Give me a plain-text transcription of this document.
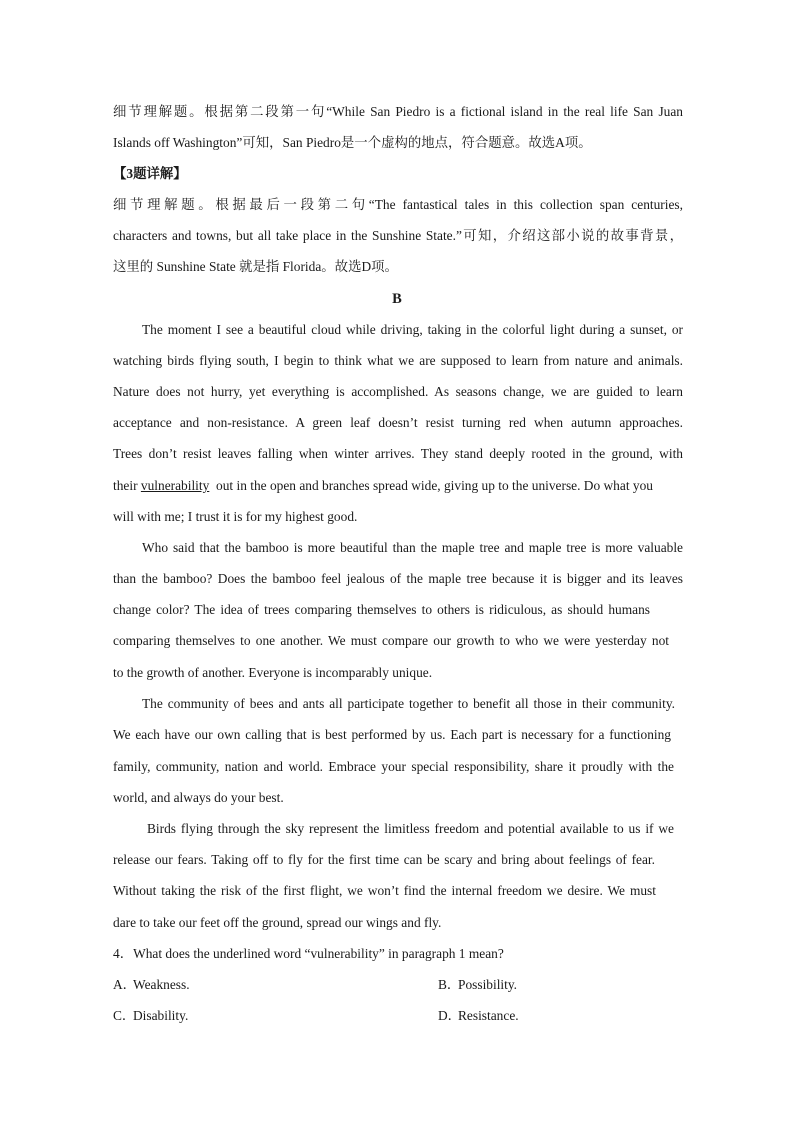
细节理解题。根据第二段第一句“While San Piedro is a fictional island in the real life San Juan
Islands off Washington”可知，San Piedro是一个虚构的地点，符合题意。故选A项。
【3题详解】
细节理解题。根据最后一段第二句“The fantastical tales in this collection span centuries,
characters and towns, but all take place in the Sunshine State.”可知，介绍这部小说的故事背景，
这里的 Sunshine State 就是指 Florida。故选D项。
B
The moment I see a beautiful cloud while driving, taking in the colorful light during a sunset, or
watching birds flying south, I begin to think what we are supposed to learn from nature and animals.
Nature does not hurry, yet everything is accomplished. As seasons change, we are guided to learn
acceptance and non-resistance. A green leaf doesn’t resist turning red when autumn approaches.
Trees don’t resist leaves falling when winter arrives. They stand deeply rooted in the ground, with
their vulnerability  out in the open and branches spread wide, giving up to the universe. Do what you
will with me; I trust it is for my highest good.
Who said that the bamboo is more beautiful than the maple tree and maple tree is more valuable
than the bamboo? Does the bamboo feel jealous of the maple tree because it is bigger and its leaves
change color? The idea of trees comparing themselves to others is ridiculous, as should humans
comparing themselves to one another. We must compare our growth to who we were yesterday not
to the growth of another. Everyone is incomparably unique.
The community of bees and ants all participate together to benefit all those in their community.
We each have our own calling that is best performed by us. Each part is necessary for a functioning
family, community, nation and world. Embrace your special responsibility, share it proudly with the
world, and always do your best.
Birds flying through the sky represent the limitless freedom and potential available to us if we
release our fears. Taking off to fly for the first time can be scary and bring about feelings of fear.
Without taking the risk of the first flight, we won’t find the internal freedom we desire. We must
dare to take our feet off the ground, spread our wings and fly.
4．What does the underlined word “vulnerability” in paragraph 1 mean?
A．Weakness.	B．Possibility.
C．Disability.	D．Resistance.
